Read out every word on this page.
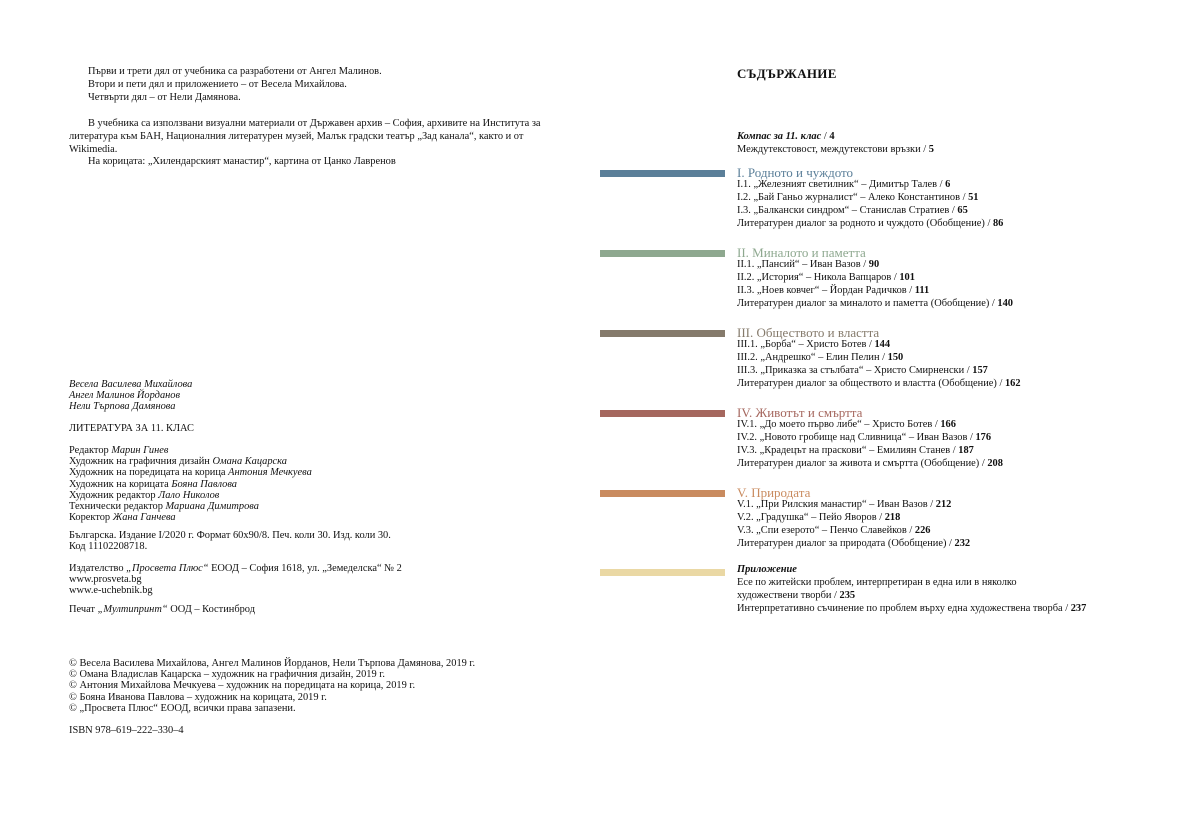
Първи и трети дял от учебника са разработени от Ангел Малинов.

Втори и пети дял и приложението – от Весела Михайлова.

Четвърти дял – от Нели Дамянова.

В учебника са използвани визуални материали от Държавен архив – София, архивите на Института за литература към БАН, Националния литературен музей, Малък градски театър „Зад канала“, както и от Wikimedia.

На корицата: „Хилендарският манастир“, картина от Цанко Лавренов

Весела Василева Михайлова
Ангел Малинов Йорданов
Нели Търпова Дамянова
ЛИТЕРАТУРА ЗА 11. КЛАС
Редактор Марин Гинев
Художник на графичния дизайн Омана Кацарска
Художник на поредицата на корица Антония Мечкуева
Художник на корицата Бояна Павлова
Художник редактор Лало Николов
Технически редактор Мариана Димитрова
Коректор Жана Ганчева
Българска. Издание I/2020 г. Формат 60х90/8. Печ. коли 30. Изд. коли 30.
Код 11102208718.
Издателство „Просвета Плюс“ ЕООД – София 1618, ул. „Земеделска“ № 2
www.prosveta.bg
www.e-uchebnik.bg
Печат „Мултипринт“ ООД – Костинброд
© Весела Василева Михайлова, Ангел Малинов Йорданов, Нели Търпова Дамянова, 2019 г.
© Омана Владислав Кацарска – художник на графичния дизайн, 2019 г.
© Антония Михайлова Мечкуева – художник на поредицата на корица, 2019 г.
© Бояна Иванова Павлова – художник на корицата, 2019 г.
© „Просвета Плюс“ ЕООД, всички права запазени.
ISBN 978–619–222–330–4
СЪДЪРЖАНИЕ
Компас за 11. клас / 4
Междутекстовост, междутекстови връзки / 5
I. Родното и чуждото
I.1. „Железният светилник“ – Димитър Талев / 6
I.2. „Бай Ганьо журналист“ – Алеко Константинов / 51
I.3. „Балкански синдром“ – Станислав Стратиев / 65
Литературен диалог за родното и чуждото (Обобщение) / 86
II. Миналото и паметта
II.1. „Пансий“ – Иван Вазов / 90
II.2. „История“ – Никола Вапцаров / 101
II.3. „Ноев ковчег“ – Йордан Радичков / 111
Литературен диалог за миналото и паметта (Обобщение) / 140
III. Обществото и властта
III.1. „Борба“ – Христо Ботев / 144
III.2. „Андрешко“ – Елин Пелин / 150
III.3. „Приказка за стълбата“ – Христо Смирненски / 157
Литературен диалог за обществото и властта (Обобщение) / 162
IV. Животът и смъртта
IV.1. „До моето първо либе“ – Христо Ботев / 166
IV.2. „Новото гробище над Сливница“ – Иван Вазов / 176
IV.3. „Крадецът на праскови“ – Емилиян Станев / 187
Литературен диалог за живота и смъртта (Обобщение) / 208
V. Природата
V.1. „При Рилския манастир“ – Иван Вазов / 212
V.2. „Градушка“ – Пейо Яворов / 218
V.3. „Спи езерото“ – Пенчо Славейков / 226
Литературен диалог за природата (Обобщение) / 232
Приложение
Есе по житейски проблем, интерпретиран в една или в няколко
художествени творби / 235
Интерпретативно съчинение по проблем върху една художествена творба / 237
